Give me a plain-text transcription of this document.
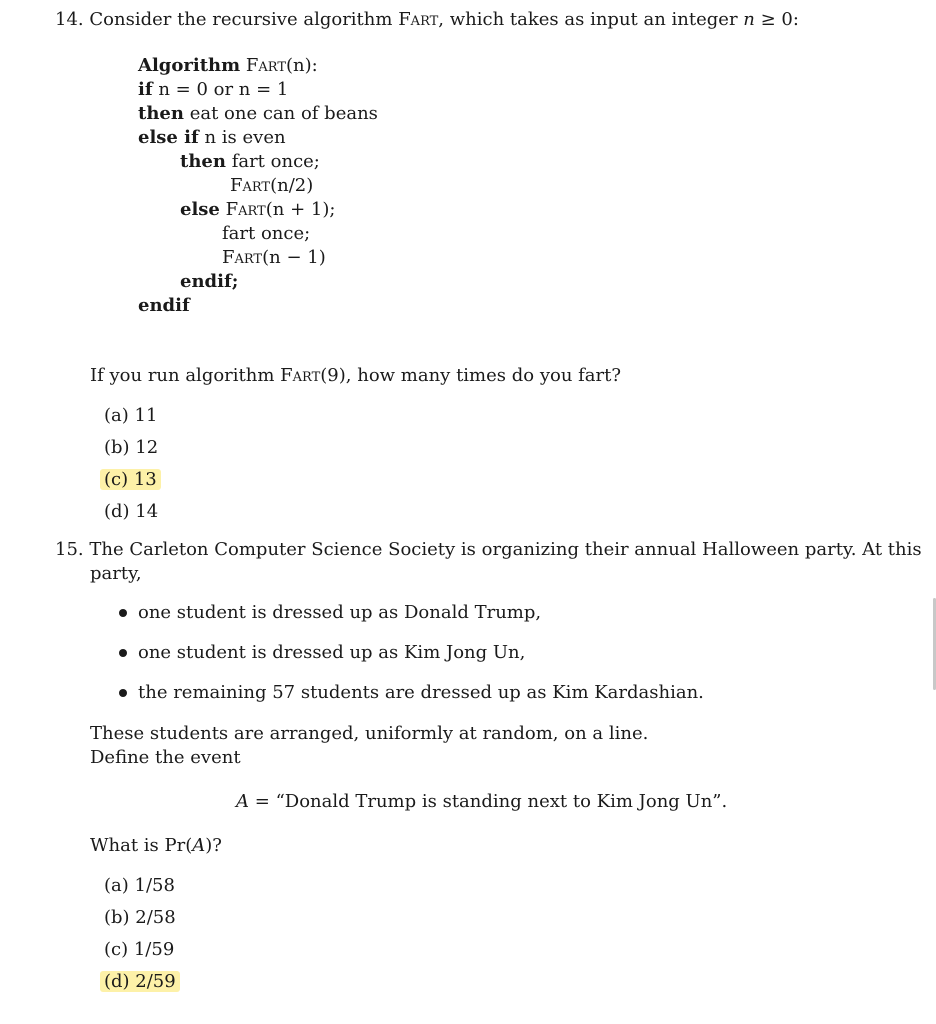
14. Consider the recursive algorithm Fart, which takes as input an integer n ≥ 0:
Algorithm Fart(n):
if n = 0 or n = 1
then eat one can of beans
else if n is even
then fart once;
Fart(n/2)
else Fart(n + 1);
fart once;
Fart(n − 1)
endif;
endif
If you run algorithm Fart(9), how many times do you fart?
(a) 11
(b) 12
(c) 13
(d) 14
15. The Carleton Computer Science Society is organizing their annual Halloween party. At this
party,
one student is dressed up as Donald Trump,
one student is dressed up as Kim Jong Un,
the remaining 57 students are dressed up as Kim Kardashian.
These students are arranged, uniformly at random, on a line.
Define the event
A = “Donald Trump is standing next to Kim Jong Un”.
What is Pr(A)?
(a) 1/58
(b) 2/58
(c) 1/59
(d) 2/59
